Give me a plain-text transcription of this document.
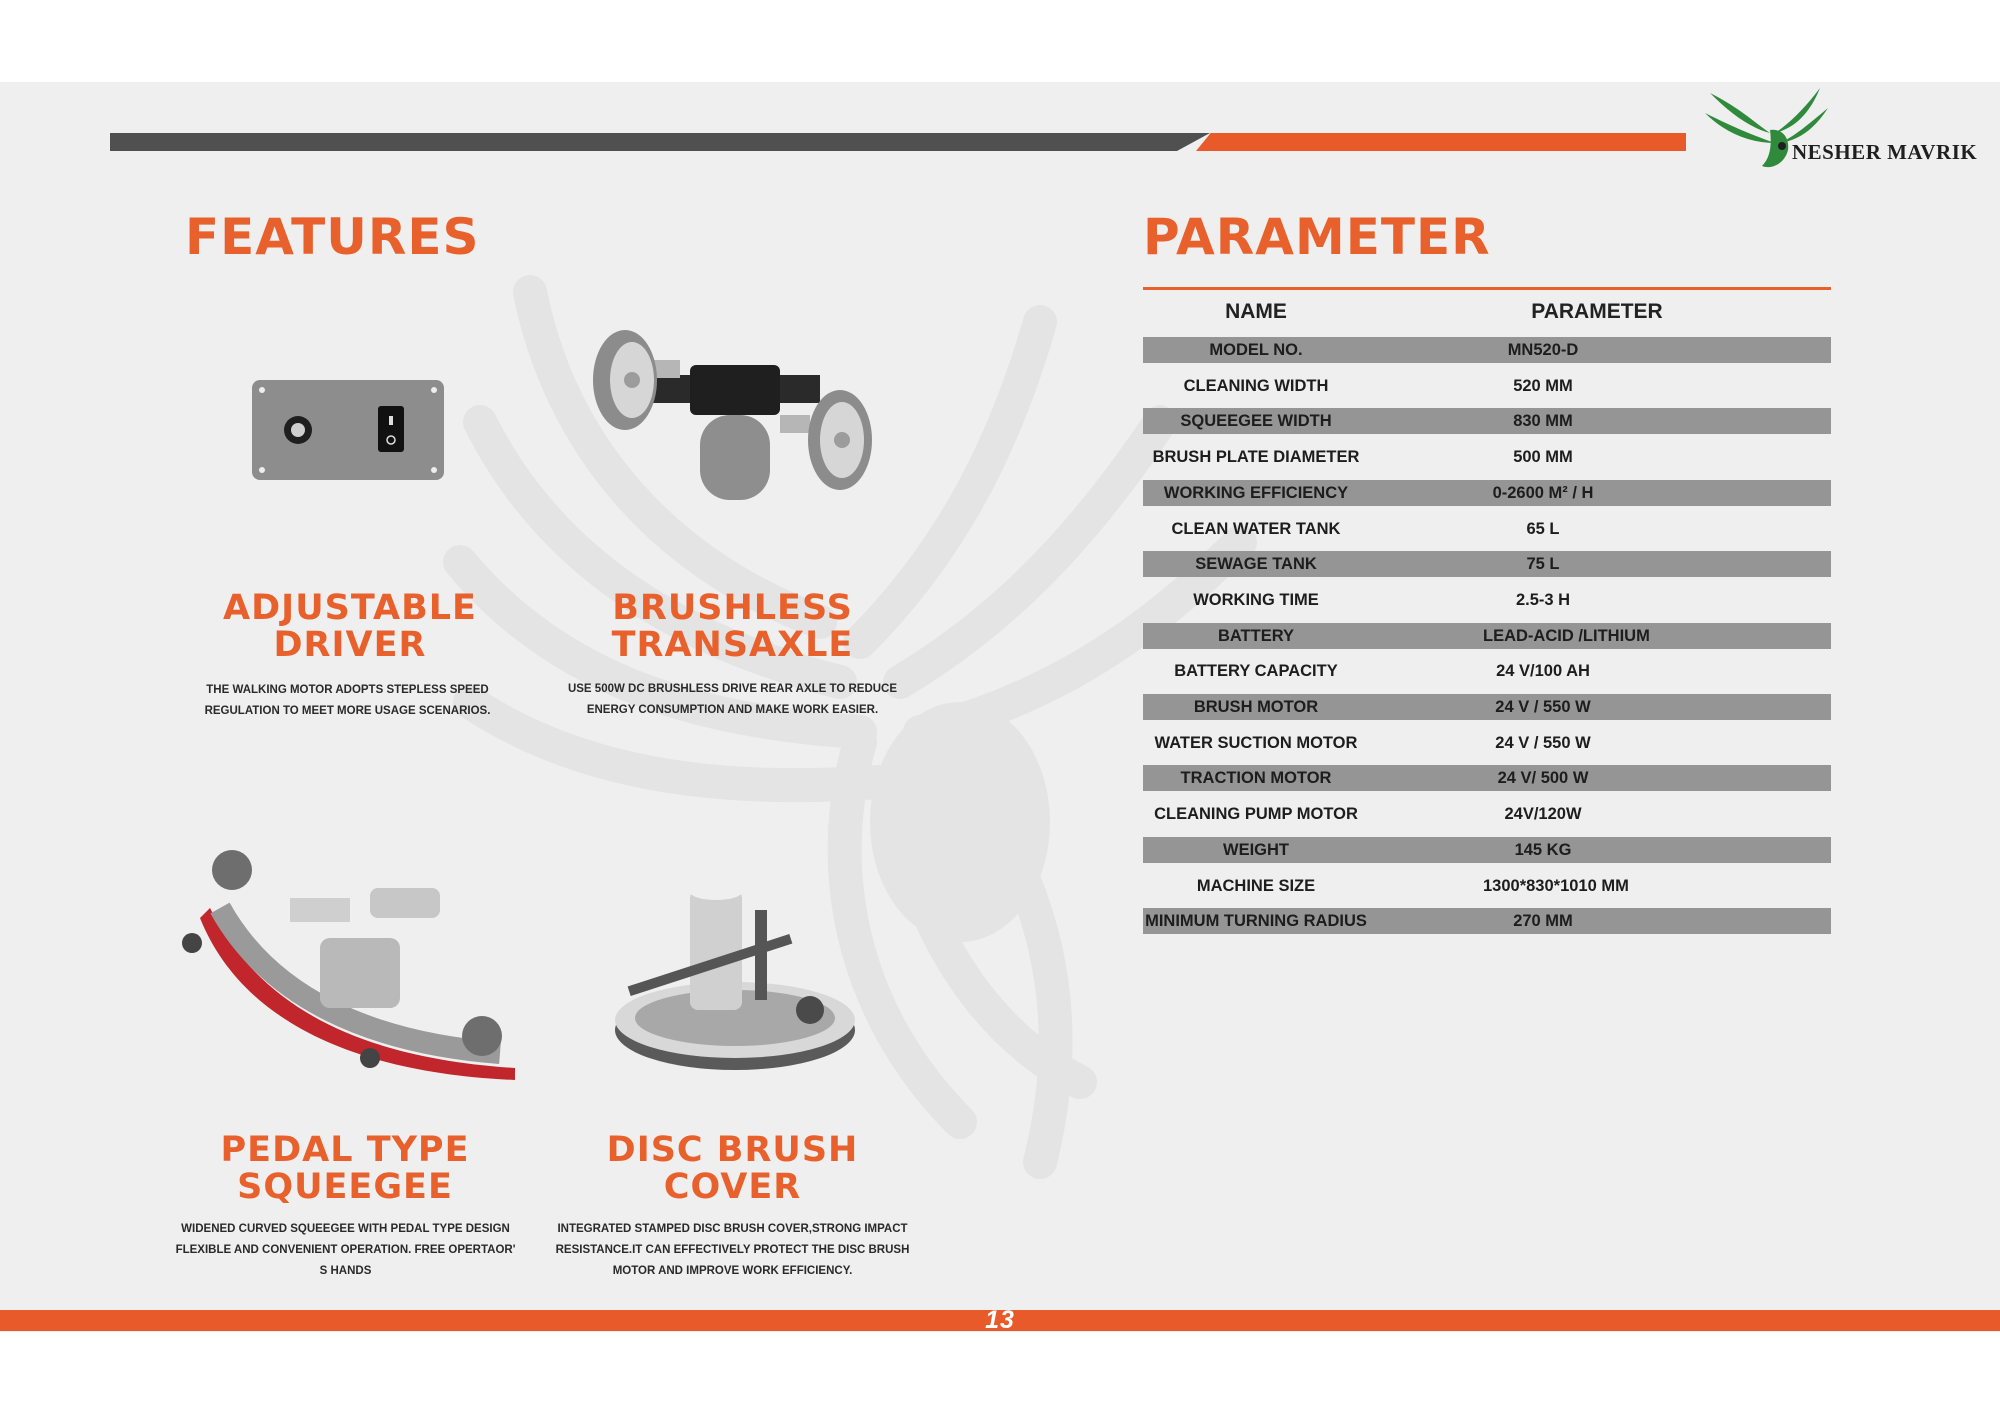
NESHER MAVRIK
FEATURES
ADJUSTABLE
DRIVER
THE WALKING MOTOR ADOPTS STEPLESS SPEED
REGULATION TO MEET MORE USAGE SCENARIOS.
BRUSHLESS
TRANSAXLE
USE 500W DC BRUSHLESS DRIVE REAR AXLE TO REDUCE
ENERGY CONSUMPTION AND MAKE WORK EASIER.
PEDAL TYPE
SQUEEGEE
WIDENED CURVED SQUEEGEE WITH PEDAL TYPE DESIGN
FLEXIBLE AND CONVENIENT OPERATION. FREE OPERTAOR'
S HANDS
DISC BRUSH
COVER
INTEGRATED STAMPED DISC BRUSH COVER,STRONG IMPACT
RESISTANCE.IT CAN EFFECTIVELY PROTECT THE DISC BRUSH
MOTOR AND IMPROVE WORK EFFICIENCY.
PARAMETER
NAME	PARAMETER
MODEL NO.	MN520-D
CLEANING WIDTH	520 MM
SQUEEGEE WIDTH	830 MM
BRUSH PLATE DIAMETER	500 MM
WORKING EFFICIENCY	0-2600 M² / H
CLEAN WATER TANK	65 L
SEWAGE TANK	75 L
WORKING TIME	2.5-3 H
BATTERY	LEAD-ACID /LITHIUM
BATTERY CAPACITY	24 V/100 AH
BRUSH MOTOR	24 V / 550 W
WATER SUCTION MOTOR	24 V / 550 W
TRACTION MOTOR	24 V/ 500 W
CLEANING PUMP MOTOR	24V/120W
WEIGHT	145 KG
MACHINE SIZE	1300*830*1010 MM
MINIMUM TURNING RADIUS	270 MM
13
